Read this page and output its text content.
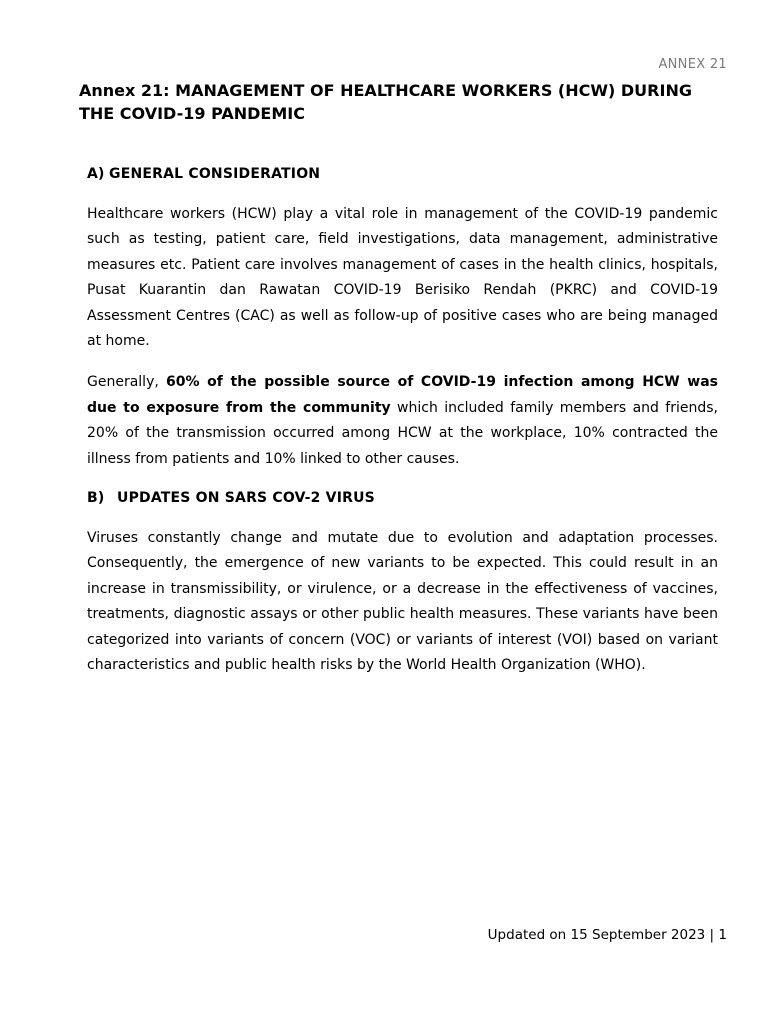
ANNEX 21
Annex 21: MANAGEMENT OF HEALTHCARE WORKERS (HCW) DURING THE COVID-19 PANDEMIC
A) GENERAL CONSIDERATION

Healthcare workers (HCW) play a vital role in management of the COVID-19 pandemic such as testing, patient care, field investigations, data management, administrative measures etc. Patient care involves management of cases in the health clinics, hospitals, Pusat Kuarantin dan Rawatan COVID-19 Berisiko Rendah (PKRC) and COVID-19 Assessment Centres (CAC) as well as follow-up of positive cases who are being managed at home.

Generally, 60% of the possible source of COVID-19 infection among HCW was due to exposure from the community which included family members and friends, 20% of the transmission occurred among HCW at the workplace, 10% contracted the illness from patients and 10% linked to other causes.

B) UPDATES ON SARS COV-2 VIRUS

Viruses constantly change and mutate due to evolution and adaptation processes. Consequently, the emergence of new variants to be expected. This could result in an increase in transmissibility, or virulence, or a decrease in the effectiveness of vaccines, treatments, diagnostic assays or other public health measures. These variants have been categorized into variants of concern (VOC) or variants of interest (VOI) based on variant characteristics and public health risks by the World Health Organization (WHO).

Updated on 15 September 2023 | 1
